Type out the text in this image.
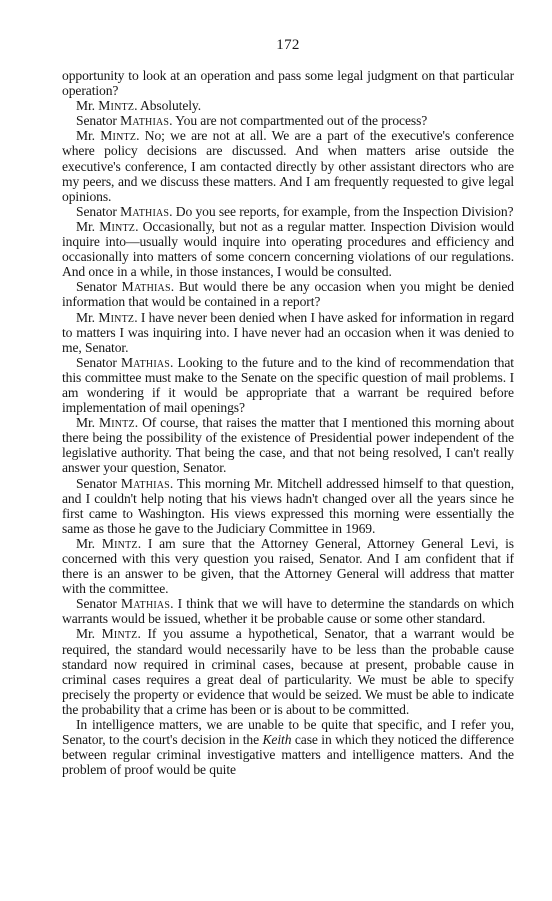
172

opportunity to look at an operation and pass some legal judgment on that particular operation?

Mr. Mintz. Absolutely.

Senator Mathias. You are not compartmented out of the process?

Mr. Mintz. No; we are not at all. We are a part of the executive's conference where policy decisions are discussed. And when matters arise outside the executive's conference, I am contacted directly by other assistant directors who are my peers, and we discuss these matters. And I am frequently requested to give legal opinions.

Senator Mathias. Do you see reports, for example, from the Inspection Division?

Mr. Mintz. Occasionally, but not as a regular matter. Inspection Division would inquire into—usually would inquire into operating procedures and efficiency and occasionally into matters of some concern concerning violations of our regulations. And once in a while, in those instances, I would be consulted.

Senator Mathias. But would there be any occasion when you might be denied information that would be contained in a report?

Mr. Mintz. I have never been denied when I have asked for information in regard to matters I was inquiring into. I have never had an occasion when it was denied to me, Senator.

Senator Mathias. Looking to the future and to the kind of recommendation that this committee must make to the Senate on the specific question of mail problems. I am wondering if it would be appropriate that a warrant be required before implementation of mail openings?

Mr. Mintz. Of course, that raises the matter that I mentioned this morning about there being the possibility of the existence of Presidential power independent of the legislative authority. That being the case, and that not being resolved, I can't really answer your question, Senator.

Senator Mathias. This morning Mr. Mitchell addressed himself to that question, and I couldn't help noting that his views hadn't changed over all the years since he first came to Washington. His views expressed this morning were essentially the same as those he gave to the Judiciary Committee in 1969.

Mr. Mintz. I am sure that the Attorney General, Attorney General Levi, is concerned with this very question you raised, Senator. And I am confident that if there is an answer to be given, that the Attorney General will address that matter with the committee.

Senator Mathias. I think that we will have to determine the standards on which warrants would be issued, whether it be probable cause or some other standard.

Mr. Mintz. If you assume a hypothetical, Senator, that a warrant would be required, the standard would necessarily have to be less than the probable cause standard now required in criminal cases, because at present, probable cause in criminal cases requires a great deal of particularity. We must be able to specify precisely the property or evidence that would be seized. We must be able to indicate the probability that a crime has been or is about to be committed.

In intelligence matters, we are unable to be quite that specific, and I refer you, Senator, to the court's decision in the Keith case in which they noticed the difference between regular criminal investigative matters and intelligence matters. And the problem of proof would be quite
